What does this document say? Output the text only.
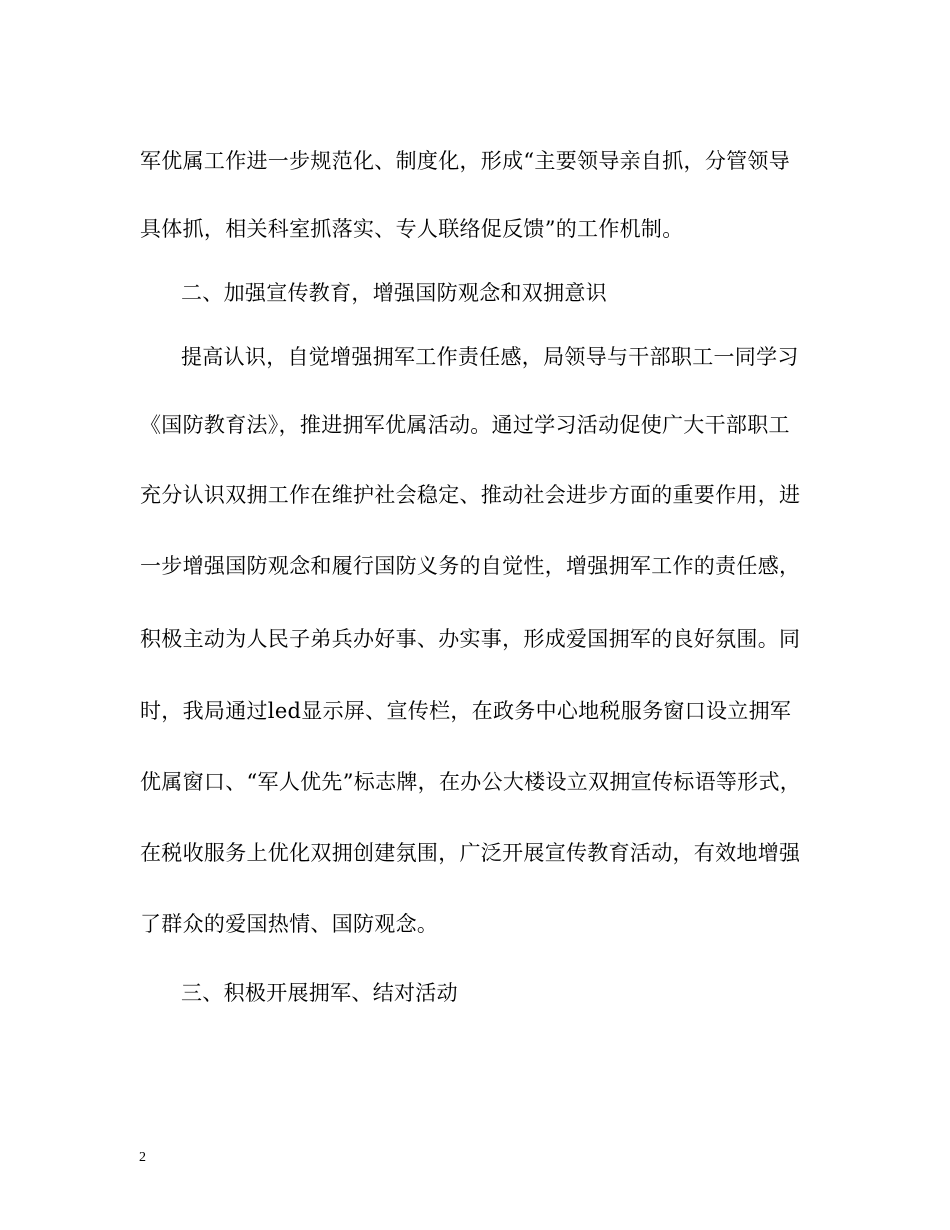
军优属工作进一步规范化、制度化，形成“主要领导亲自抓，分管领导
具体抓，相关科室抓落实、专人联络促反馈”的工作机制。
二、加强宣传教育，增强国防观念和双拥意识
提高认识，自觉增强拥军工作责任感，局领导与干部职工一同学习
《国防教育法》，推进拥军优属活动。通过学习活动促使广大干部职工
充分认识双拥工作在维护社会稳定、推动社会进步方面的重要作用，进
一步增强国防观念和履行国防义务的自觉性，增强拥军工作的责任感，
积极主动为人民子弟兵办好事、办实事，形成爱国拥军的良好氛围。同
时，我局通过led显示屏、宣传栏，在政务中心地税服务窗口设立拥军
优属窗口、“军人优先”标志牌，在办公大楼设立双拥宣传标语等形式，
在税收服务上优化双拥创建氛围，广泛开展宣传教育活动，有效地增强
了群众的爱国热情、国防观念。
三、积极开展拥军、结对活动
2
